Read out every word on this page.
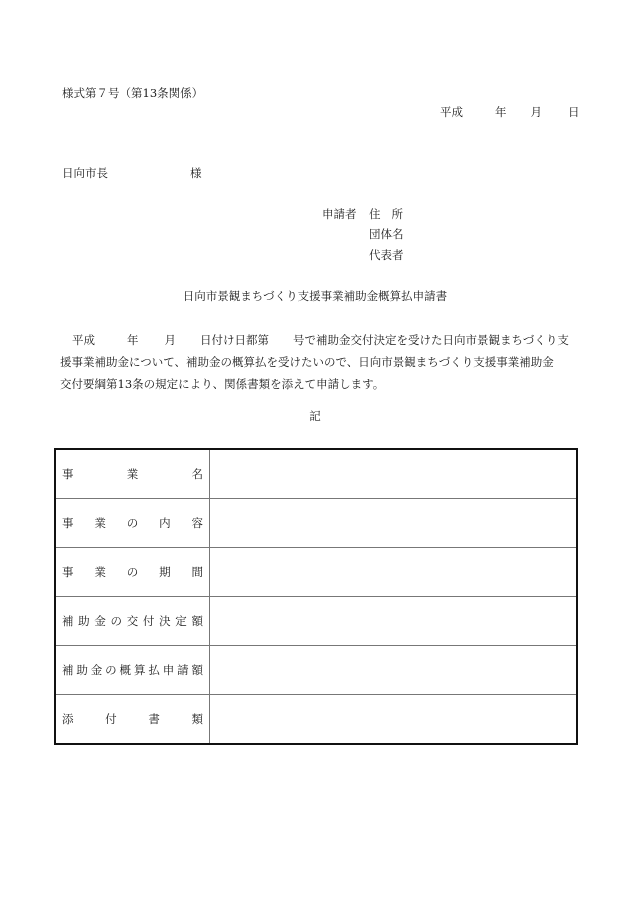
様式第７号（第13条関係）
平成	年 月 日
日向市長	様
申請者 住 所
団体名
代表者
日向市景観まちづくり支援事業補助金概算払申請書
平成	年 月 日付け日都第 号で補助金交付決定を受けた日向市景観まちづくり支
援事業補助金について、補助金の概算払を受けたいので、日向市景観まちづくり支援事業補助金
交付要綱第13条の規定により、関係書類を添えて申請します。
記
事業名	
事業の内容	
事業の期間	
補助金の交付決定額	
補助金の概算払申請額	
添付書類	
